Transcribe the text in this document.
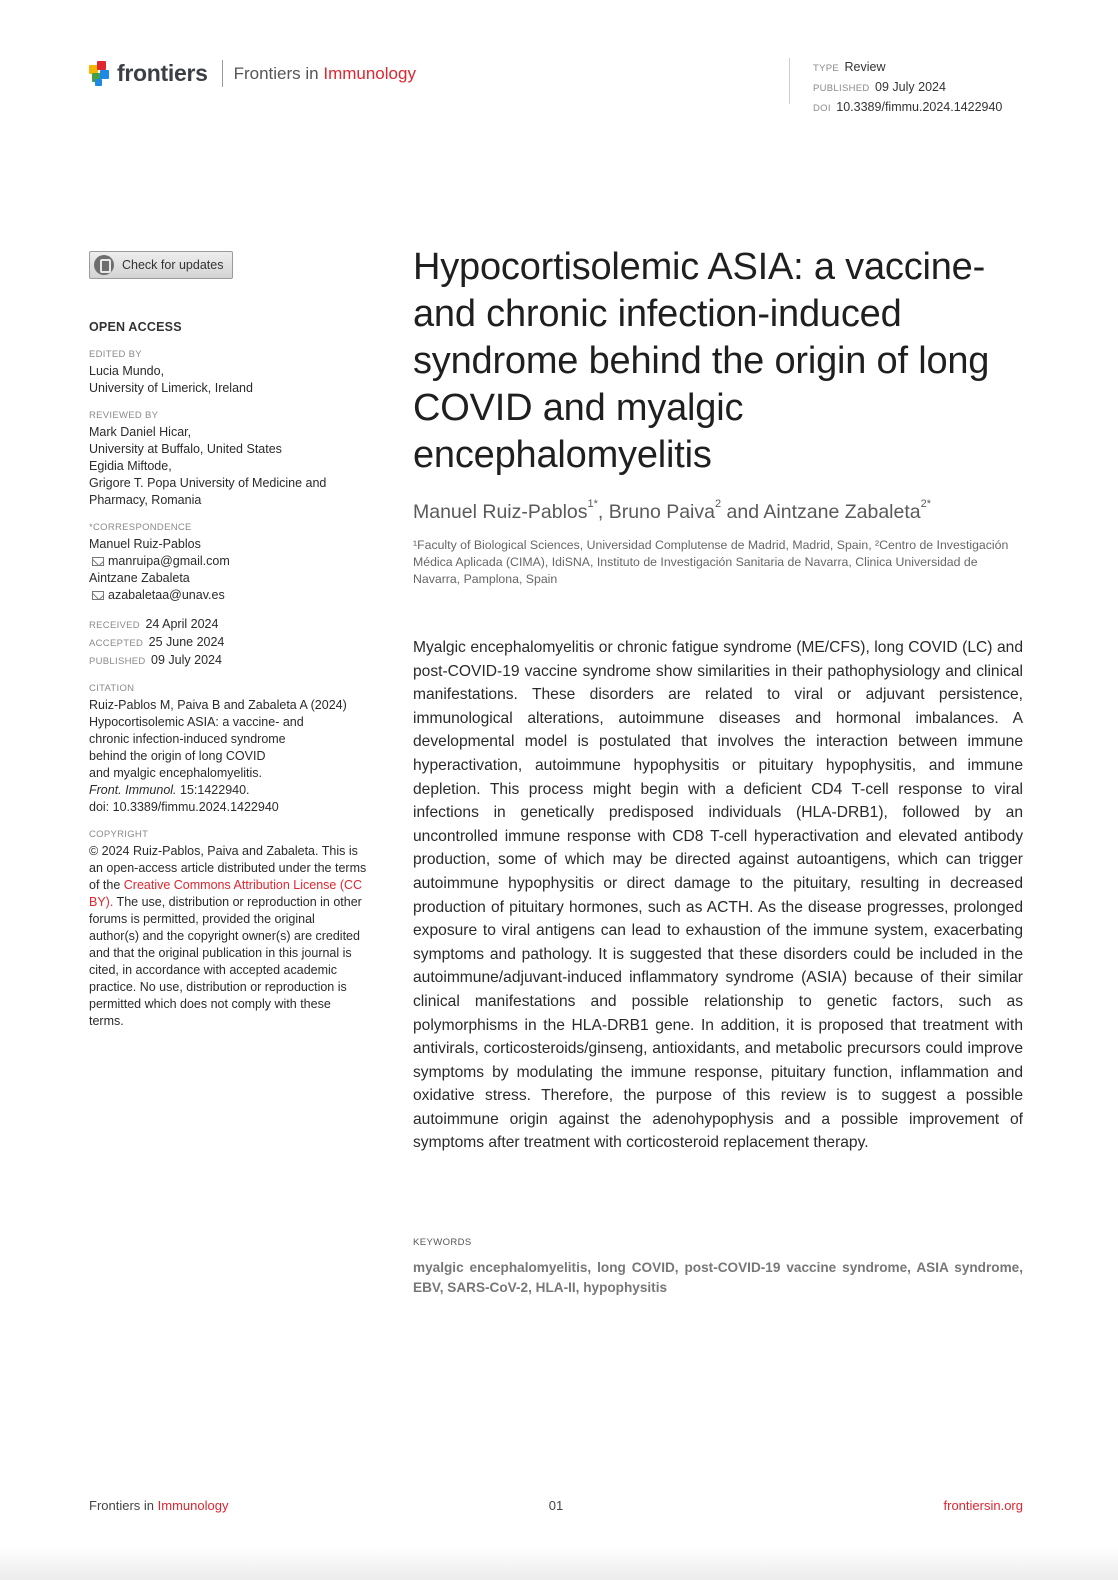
frontiers Frontiers in Immunology	TYPE Review
PUBLISHED 09 July 2024
DOI 10.3389/fimmu.2024.1422940
Check for updates
OPEN ACCESS
EDITED BY
Lucia Mundo,
University of Limerick, Ireland
REVIEWED BY
Mark Daniel Hicar,
University at Buffalo, United States
Egidia Miftode,
Grigore T. Popa University of Medicine and
Pharmacy, Romania
*CORRESPONDENCE
Manuel Ruiz-Pablos
manruipa@gmail.com
Aintzane Zabaleta
azabaletaa@unav.es
RECEIVED 24 April 2024
ACCEPTED 25 June 2024
PUBLISHED 09 July 2024
CITATION
Ruiz-Pablos M, Paiva B and Zabaleta A (2024)
Hypocortisolemic ASIA: a vaccine- and
chronic infection-induced syndrome
behind the origin of long COVID
and myalgic encephalomyelitis.
Front. Immunol. 15:1422940.
doi: 10.3389/fimmu.2024.1422940
COPYRIGHT
© 2024 Ruiz-Pablos, Paiva and Zabaleta. This is an open-access article distributed under the terms of the Creative Commons Attribution License (CC BY). The use, distribution or reproduction in other forums is permitted, provided the original author(s) and the copyright owner(s) are credited and that the original publication in this journal is cited, in accordance with accepted academic practice. No use, distribution or reproduction is permitted which does not comply with these terms.
Hypocortisolemic ASIA: a vaccine- and chronic infection-induced syndrome behind the origin of long COVID and myalgic encephalomyelitis
Manuel Ruiz-Pablos$^{1*}$, Bruno Paiva$^2$ and Aintzane Zabaleta$^{2*}$
¹Faculty of Biological Sciences, Universidad Complutense de Madrid, Madrid, Spain, ²Centro de Investigación Médica Aplicada (CIMA), IdiSNA, Instituto de Investigación Sanitaria de Navarra, Clinica Universidad de Navarra, Pamplona, Spain

Myalgic encephalomyelitis or chronic fatigue syndrome (ME/CFS), long COVID (LC) and post-COVID-19 vaccine syndrome show similarities in their pathophysiology and clinical manifestations. These disorders are related to viral or adjuvant persistence, immunological alterations, autoimmune diseases and hormonal imbalances. A developmental model is postulated that involves the interaction between immune hyperactivation, autoimmune hypophysitis or pituitary hypophysitis, and immune depletion. This process might begin with a deficient CD4 T-cell response to viral infections in genetically predisposed individuals (HLA-DRB1), followed by an uncontrolled immune response with CD8 T-cell hyperactivation and elevated antibody production, some of which may be directed against autoantigens, which can trigger autoimmune hypophysitis or direct damage to the pituitary, resulting in decreased production of pituitary hormones, such as ACTH. As the disease progresses, prolonged exposure to viral antigens can lead to exhaustion of the immune system, exacerbating symptoms and pathology. It is suggested that these disorders could be included in the autoimmune/adjuvant-induced inflammatory syndrome (ASIA) because of their similar clinical manifestations and possible relationship to genetic factors, such as polymorphisms in the HLA-DRB1 gene. In addition, it is proposed that treatment with antivirals, corticosteroids/ginseng, antioxidants, and metabolic precursors could improve symptoms by modulating the immune response, pituitary function, inflammation and oxidative stress. Therefore, the purpose of this review is to suggest a possible autoimmune origin against the adenohypophysis and a possible improvement of symptoms after treatment with corticosteroid replacement therapy.

KEYWORDS
myalgic encephalomyelitis, long COVID, post-COVID-19 vaccine syndrome, ASIA syndrome, EBV, SARS-CoV-2, HLA-II, hypophysitis
Frontiers in Immunology	01	frontiersin.org
